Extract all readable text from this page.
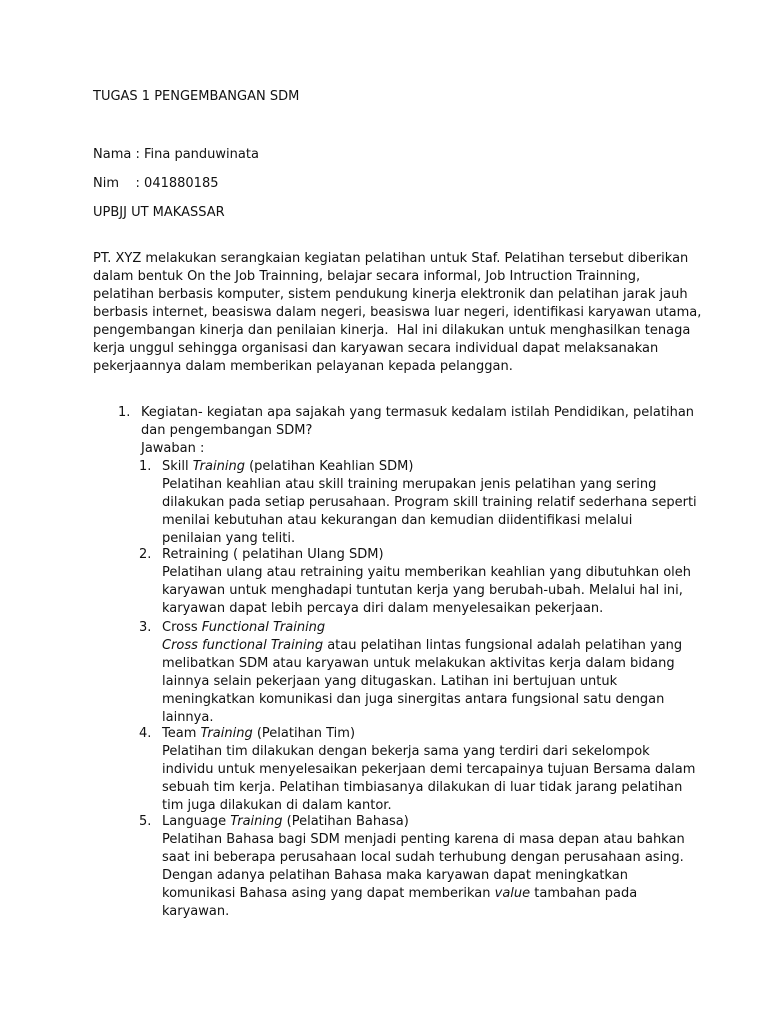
TUGAS 1 PENGEMBANGAN SDM
Nama : Fina panduwinata
Nim    : 041880185
UPBJJ UT MAKASSAR
PT. XYZ melakukan serangkaian kegiatan pelatihan untuk Staf. Pelatihan tersebut diberikan
dalam bentuk On the Job Trainning, belajar secara informal, Job Intruction Trainning,
pelatihan berbasis komputer, sistem pendukung kinerja elektronik dan pelatihan jarak jauh
berbasis internet, beasiswa dalam negeri, beasiswa luar negeri, identifikasi karyawan utama,
pengembangan kinerja dan penilaian kinerja.  Hal ini dilakukan untuk menghasilkan tenaga
kerja unggul sehingga organisasi dan karyawan secara individual dapat melaksanakan
pekerjaannya dalam memberikan pelayanan kepada pelanggan.
1. Kegiatan- kegiatan apa sajakah yang termasuk kedalam istilah Pendidikan, pelatihan
dan pengembangan SDM?
Jawaban :
1. Skill Training (pelatihan Keahlian SDM)
Pelatihan keahlian atau skill training merupakan jenis pelatihan yang sering
dilakukan pada setiap perusahaan. Program skill training relatif sederhana seperti
menilai kebutuhan atau kekurangan dan kemudian diidentifikasi melalui
penilaian yang teliti.
2. Retraining ( pelatihan Ulang SDM)
Pelatihan ulang atau retraining yaitu memberikan keahlian yang dibutuhkan oleh
karyawan untuk menghadapi tuntutan kerja yang berubah-ubah. Melalui hal ini,
karyawan dapat lebih percaya diri dalam menyelesaikan pekerjaan.
3. Cross Functional Training
Cross functional Training atau pelatihan lintas fungsional adalah pelatihan yang
melibatkan SDM atau karyawan untuk melakukan aktivitas kerja dalam bidang
lainnya selain pekerjaan yang ditugaskan. Latihan ini bertujuan untuk
meningkatkan komunikasi dan juga sinergitas antara fungsional satu dengan
lainnya.
4. Team Training (Pelatihan Tim)
Pelatihan tim dilakukan dengan bekerja sama yang terdiri dari sekelompok
individu untuk menyelesaikan pekerjaan demi tercapainya tujuan Bersama dalam
sebuah tim kerja. Pelatihan timbiasanya dilakukan di luar tidak jarang pelatihan
tim juga dilakukan di dalam kantor.
5. Language Training (Pelatihan Bahasa)
Pelatihan Bahasa bagi SDM menjadi penting karena di masa depan atau bahkan
saat ini beberapa perusahaan local sudah terhubung dengan perusahaan asing.
Dengan adanya pelatihan Bahasa maka karyawan dapat meningkatkan
komunikasi Bahasa asing yang dapat memberikan value tambahan pada
karyawan.
